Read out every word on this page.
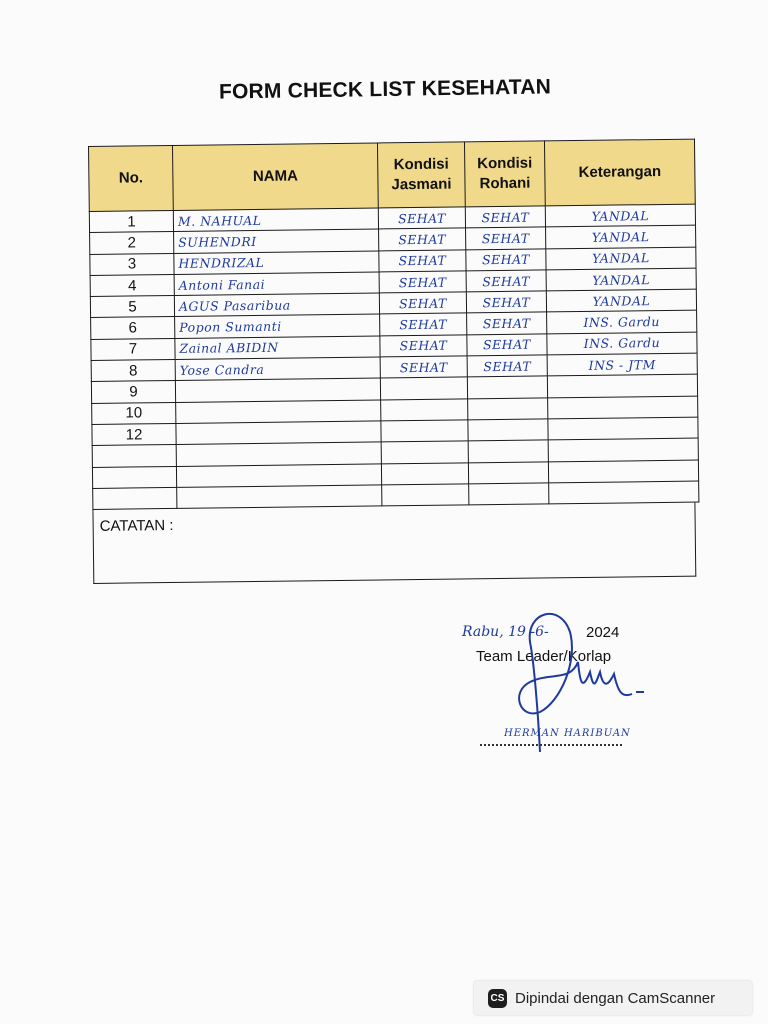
FORM CHECK LIST KESEHATAN
No.	NAMA	Kondisi Jasmani	Kondisi Rohani	Keterangan
1	M. NAHUAL	SEHAT	SEHAT	YANDAL
2	SUHENDRI	SEHAT	SEHAT	YANDAL
3	HENDRIZAL	SEHAT	SEHAT	YANDAL
4	Antoni Fanai	SEHAT	SEHAT	YANDAL
5	AGUS Pasaribua	SEHAT	SEHAT	YANDAL
6	Popon Sumanti	SEHAT	SEHAT	INS. Gardu
7	Zainal ABIDIN	SEHAT	SEHAT	INS. Gardu
8	Yose Candra	SEHAT	SEHAT	INS - JTM
9				
10				
12				

CATATAN :
Rabu, 19 -6- 2024
Team Leader/Korlap
HERMAN HARIBUAN
CS Dipindai dengan CamScanner
